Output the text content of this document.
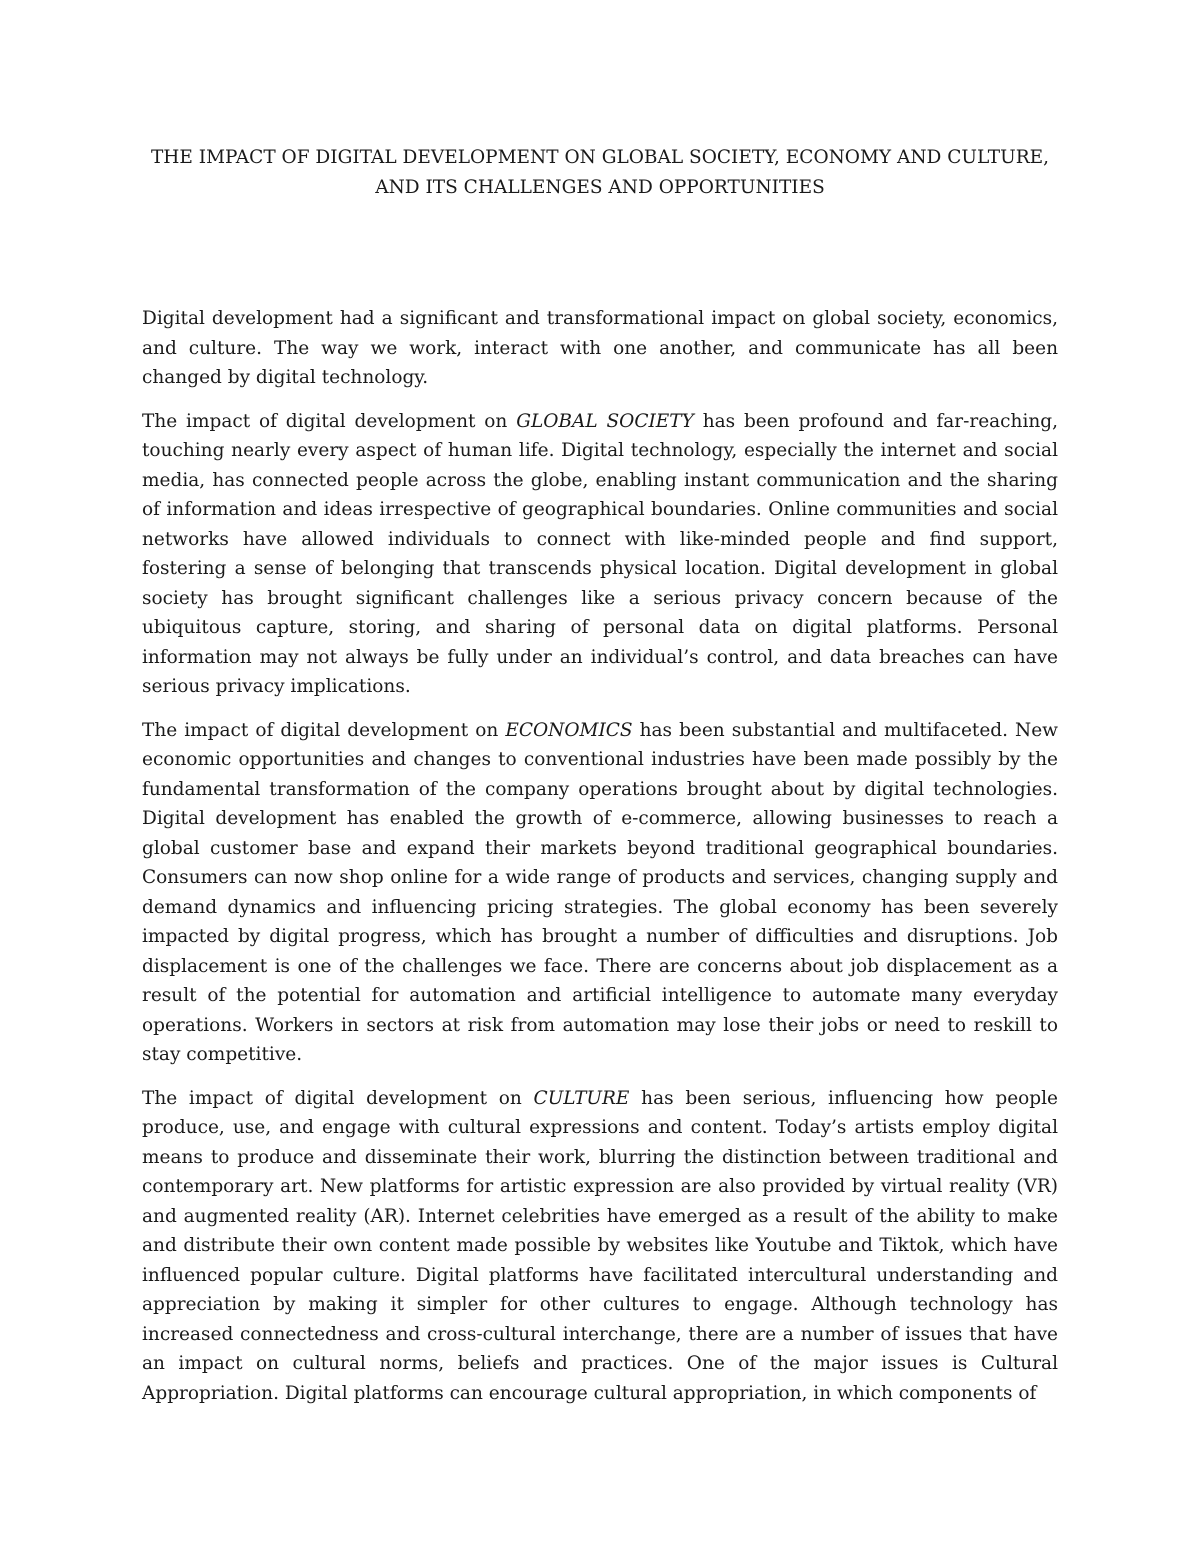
THE IMPACT OF DIGITAL DEVELOPMENT ON GLOBAL SOCIETY, ECONOMY AND CULTURE, AND ITS CHALLENGES AND OPPORTUNITIES

Digital development had a significant and transformational impact on global society, economics, and culture. The way we work, interact with one another, and communicate has all been changed by digital technology.

The impact of digital development on GLOBAL SOCIETY has been profound and far-reaching, touching nearly every aspect of human life. Digital technology, especially the internet and social media, has connected people across the globe, enabling instant communication and the sharing of information and ideas irrespective of geographical boundaries. Online communities and social networks have allowed individuals to connect with like-minded people and find support, fostering a sense of belonging that transcends physical location. Digital development in global society has brought significant challenges like a serious privacy concern because of the ubiquitous capture, storing, and sharing of personal data on digital platforms. Personal information may not always be fully under an individual’s control, and data breaches can have serious privacy implications.

The impact of digital development on ECONOMICS has been substantial and multifaceted. New economic opportunities and changes to conventional industries have been made possibly by the fundamental transformation of the company operations brought about by digital technologies. Digital development has enabled the growth of e-commerce, allowing businesses to reach a global customer base and expand their markets beyond traditional geographical boundaries. Consumers can now shop online for a wide range of products and services, changing supply and demand dynamics and influencing pricing strategies. The global economy has been severely impacted by digital progress, which has brought a number of difficulties and disruptions. Job displacement is one of the challenges we face. There are concerns about job displacement as a result of the potential for automation and artificial intelligence to automate many everyday operations. Workers in sectors at risk from automation may lose their jobs or need to reskill to stay competitive.

The impact of digital development on CULTURE has been serious, influencing how people produce, use, and engage with cultural expressions and content. Today’s artists employ digital means to produce and disseminate their work, blurring the distinction between traditional and contemporary art. New platforms for artistic expression are also provided by virtual reality (VR) and augmented reality (AR). Internet celebrities have emerged as a result of the ability to make and distribute their own content made possible by websites like Youtube and Tiktok, which have influenced popular culture. Digital platforms have facilitated intercultural understanding and appreciation by making it simpler for other cultures to engage. Although technology has increased connectedness and cross-cultural interchange, there are a number of issues that have an impact on cultural norms, beliefs and practices. One of the major issues is Cultural Appropriation. Digital platforms can encourage cultural appropriation, in which components of
